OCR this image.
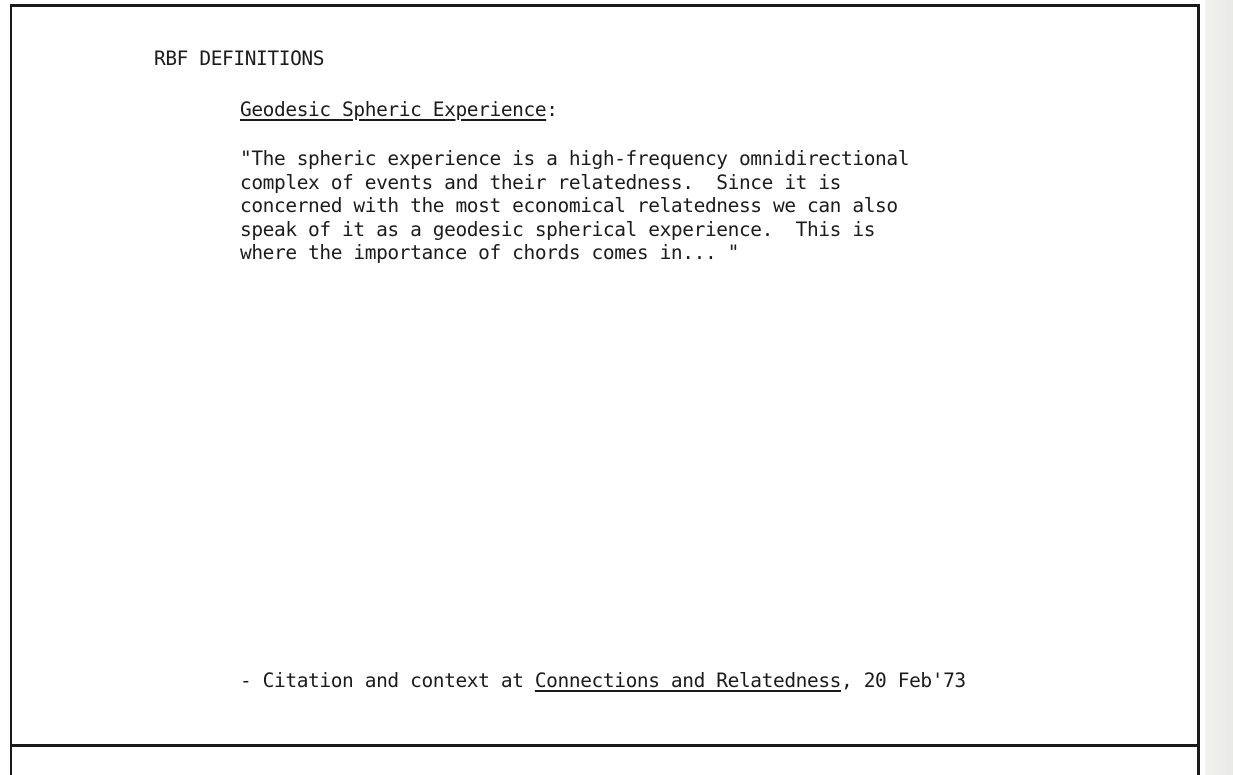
RBF DEFINITIONS
Geodesic Spheric Experience:
"The spheric experience is a high-frequency omnidirectional
complex of events and their relatedness.  Since it is
concerned with the most economical relatedness we can also
speak of it as a geodesic spherical experience.  This is
where the importance of chords comes in... "
- Citation and context at Connections and Relatedness, 20 Feb'73
